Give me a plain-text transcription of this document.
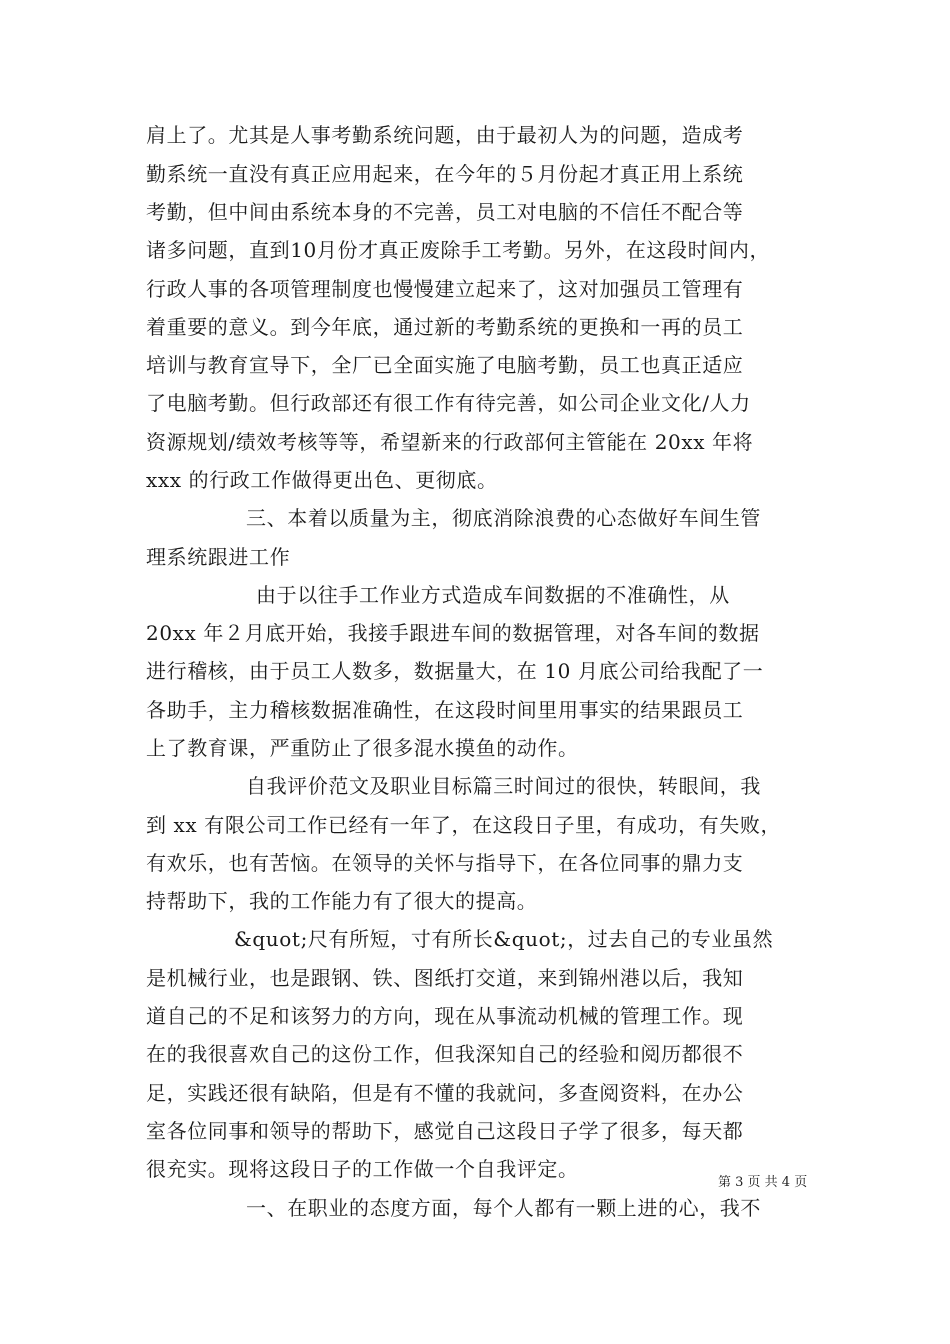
肩上了。尤其是人事考勤系统问题，由于最初人为的问题，造成考
勤系统一直没有真正应用起来，在今年的５月份起才真正用上系统
考勤，但中间由系统本身的不完善，员工对电脑的不信任不配合等
诸多问题，直到10月份才真正废除手工考勤。另外，在这段时间内，
行政人事的各项管理制度也慢慢建立起来了，这对加强员工管理有
着重要的意义。到今年底，通过新的考勤系统的更换和一再的员工
培训与教育宣导下，全厂已全面实施了电脑考勤，员工也真正适应
了电脑考勤。但行政部还有很工作有待完善，如公司企业文化/人力
资源规划/绩效考核等等，希望新来的行政部何主管能在 20xx 年将
xxx 的行政工作做得更出色、更彻底。
三、本着以质量为主，彻底消除浪费的心态做好车间生管
理系统跟进工作
由于以往手工作业方式造成车间数据的不准确性，从
20xx 年２月底开始，我接手跟进车间的数据管理，对各车间的数据
进行稽核，由于员工人数多，数据量大，在 10 月底公司给我配了一
各助手，主力稽核数据准确性，在这段时间里用事实的结果跟员工
上了教育课，严重防止了很多混水摸鱼的动作。
自我评价范文及职业目标篇三时间过的很快，转眼间，我
到 xx 有限公司工作已经有一年了，在这段日子里，有成功，有失败，
有欢乐，也有苦恼。在领导的关怀与指导下，在各位同事的鼎力支
持帮助下，我的工作能力有了很大的提高。
&quot;尺有所短，寸有所长&quot;，过去自己的专业虽然
是机械行业，也是跟钢、铁、图纸打交道，来到锦州港以后，我知
道自己的不足和该努力的方向，现在从事流动机械的管理工作。现
在的我很喜欢自己的这份工作，但我深知自己的经验和阅历都很不
足，实践还很有缺陷，但是有不懂的我就问，多查阅资料，在办公
室各位同事和领导的帮助下，感觉自己这段日子学了很多，每天都
很充实。现将这段日子的工作做一个自我评定。
一、在职业的态度方面，每个人都有一颗上进的心，我不
第 3 页 共 4 页
